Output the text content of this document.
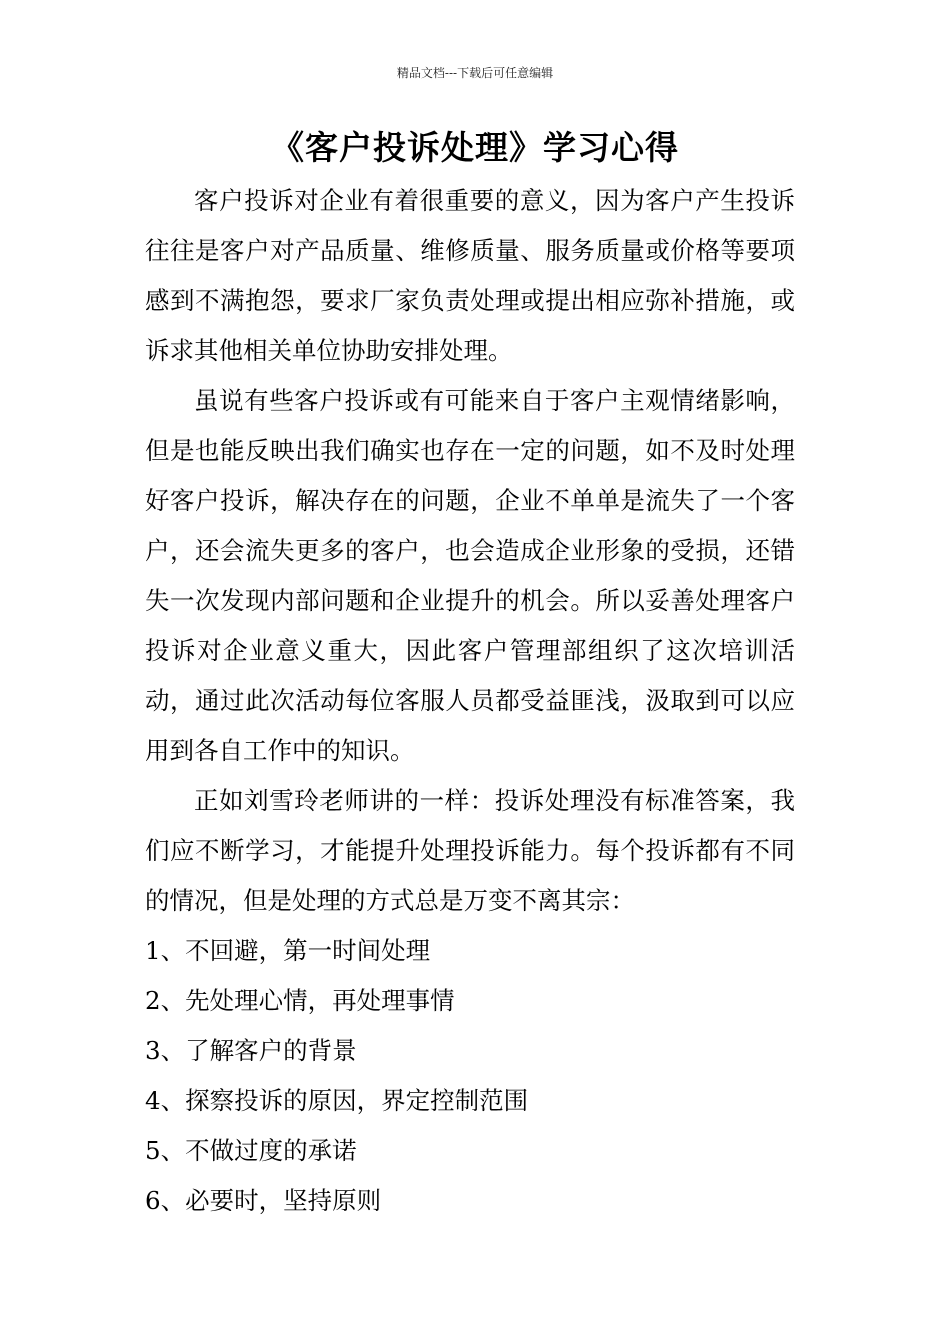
精品文档---下载后可任意编辑
《客户投诉处理》学习心得

客户投诉对企业有着很重要的意义，因为客户产生投诉往往是客户对产品质量、维修质量、服务质量或价格等要项感到不满抱怨，要求厂家负责处理或提出相应弥补措施，或诉求其他相关单位协助安排处理。

虽说有些客户投诉或有可能来自于客户主观情绪影响，但是也能反映出我们确实也存在一定的问题，如不及时处理好客户投诉，解决存在的问题，企业不单单是流失了一个客户，还会流失更多的客户，也会造成企业形象的受损，还错失一次发现内部问题和企业提升的机会。所以妥善处理客户投诉对企业意义重大，因此客户管理部组织了这次培训活动，通过此次活动每位客服人员都受益匪浅，汲取到可以应用到各自工作中的知识。

正如刘雪玲老师讲的一样：投诉处理没有标准答案，我们应不断学习，才能提升处理投诉能力。每个投诉都有不同的情况，但是处理的方式总是万变不离其宗：

1、不回避，第一时间处理
2、先处理心情，再处理事情
3、了解客户的背景
4、探察投诉的原因，界定控制范围
5、不做过度的承诺
6、必要时，坚持原则
